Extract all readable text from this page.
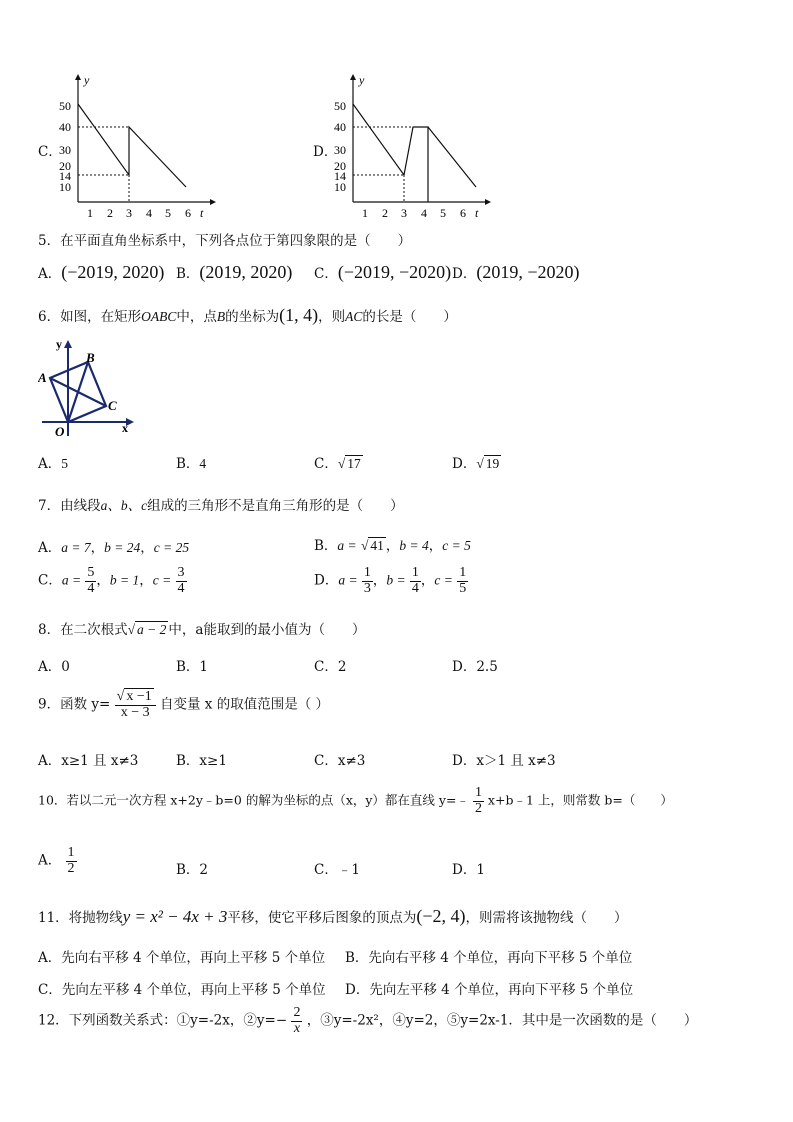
C．
y
t
50
40
30
20
14
10
1 2 3 4 5 6
D．
y
t
50
40
30
20
14
10
1 2 3 4 5 6
5．在平面直角坐标系中，下列各点位于第四象限的是（　　）
A．(−2019, 2020) B．(2019, 2020) C．(−2019, −2020) D．(2019, −2020)
6．如图，在矩形OABC中，点B的坐标为(1, 4)，则AC的长是（　　）
y
x
A
B
C
O
A．5	B．4	C．√ 17	D．√ 19
7．由线段a、b、c组成的三角形不是直角三角形的是（　　）
A．a = 7，b = 24，c = 25	B．a = √ 41 ，b = 4，c = 5
C．$a = \frac{5}{4}$ ，b = 1，$c = \frac{3}{4}$	D．$a = \frac{1}{3}$ ，$b = \frac{1}{4}$ ，$c = \frac{1}{5}$
8．在二次根式√ a − 2 中，a能取到的最小值为（　　）
A．0	B．1	C．2	D．2.5
9．函数 $y= \frac{√ x -1}{x - 3}$ 自变量 x 的取值范围是（ ）
A．x≥1 且 x≠3	B．x≥1	C．x≠3	D．x＞1 且 x≠3
10．若以二元一次方程 x+2y﹣b=0 的解为坐标的点（x，y）都在直线 y=﹣ $\frac{1}{2}$ x+b﹣1 上，则常数 b=（　　）
A． $\frac{1}{2}$	B．2	C．﹣1	D．1
11．将抛物线y = x² − 4x + 3平移，使它平移后图象的顶点为(−2, 4)，则需将该抛物线（　　）
A．先向右平移 4 个单位，再向上平移 5 个单位 B．先向右平移 4 个单位，再向下平移 5 个单位
C．先向左平移 4 个单位，再向上平移 5 个单位 D．先向左平移 4 个单位，再向下平移 5 个单位
12．下列函数关系式：①y=-2x，②y=− $\frac{2}{x}$ ，③y=-2x²，④y=2，⑤y=2x-1．其中是一次函数的是（　　）
